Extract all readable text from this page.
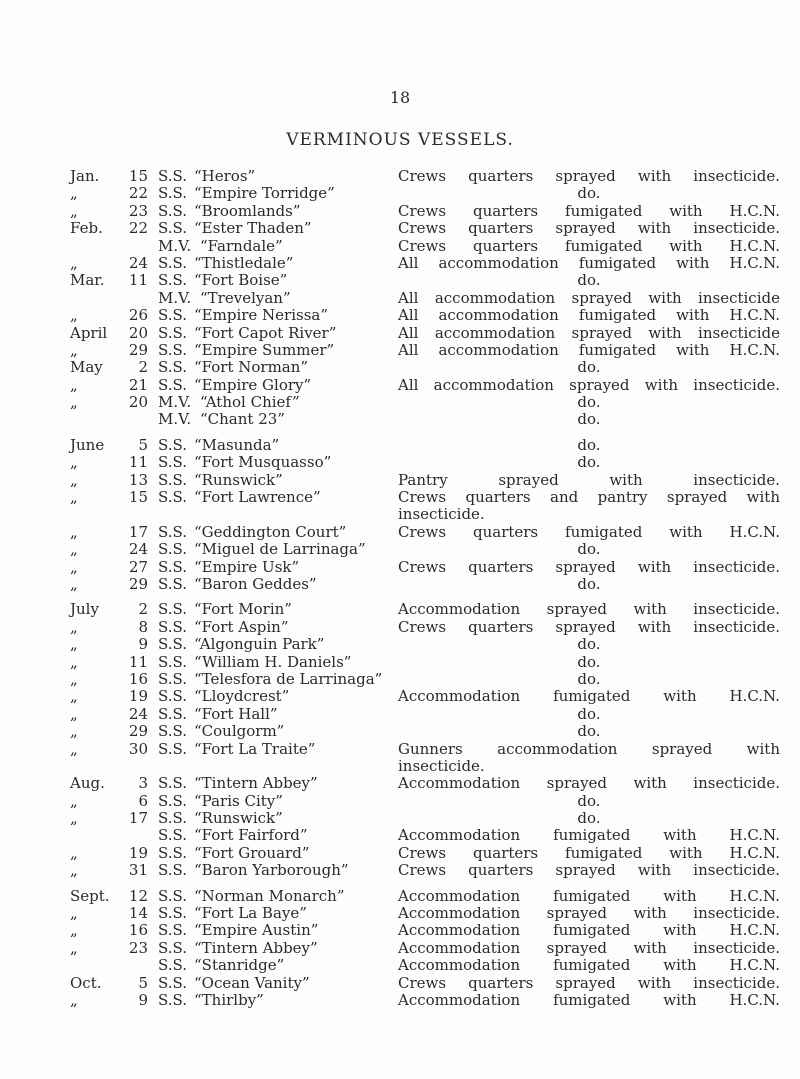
18
VERMINOUS VESSELS.
Jan.	15 S.S. “Heros”	Crews quarters sprayed with insecticide.
„	22 S.S. “Empire Torridge”	do.
„	23 S.S. “Broomlands”	Crews quarters fumigated with H.C.N.
Feb.	22 S.S. “Ester Thaden”	Crews quarters sprayed with insecticide.
M.V. “Farndale”	Crews quarters fumigated with H.C.N.
„	24 S.S. “Thistledale”	All accommodation fumigated with H.C.N.
Mar.	11 S.S. “Fort Boise”	do.
M.V. “Trevelyan”	All accommodation sprayed with insecticide
„	26 S.S. “Empire Nerissa”	All accommodation fumigated with H.C.N.
April	20 S.S. “Fort Capot River”	All accommodation sprayed with insecticide
„	29 S.S. “Empire Summer”	All accommodation fumigated with H.C.N.
May	2 S.S. “Fort Norman”	do.
„	21 S.S. “Empire Glory”	All accommodation sprayed with insecticide.
„	20 M.V. “Athol Chief”	do.
M.V. “Chant 23”	do.
June	5 S.S. “Masunda”	do.
„	11 S.S. “Fort Musquasso”	do.
„	13 S.S. “Runswick”	Pantry sprayed with insecticide.
„	15 S.S. “Fort Lawrence”	Crews quarters and pantry sprayed with
insecticide.
„	17 S.S. “Geddington Court”	Crews quarters fumigated with H.C.N.
„	24 S.S. “Miguel de Larrinaga”	do.
„	27 S.S. “Empire Usk”	Crews quarters sprayed with insecticide.
„	29 S.S. “Baron Geddes”	do.
July	2 S.S. “Fort Morin”	Accommodation sprayed with insecticide.
„	8 S.S. “Fort Aspin”	Crews quarters sprayed with insecticide.
„	9 S.S. “Algonguin Park”	do.
„	11 S.S. “William H. Daniels”	do.
„	16 S.S. “Telesfora de Larrinaga”	do.
„	19 S.S. “Lloydcrest”	Accommodation fumigated with H.C.N.
„	24 S.S. “Fort Hall”	do.
„	29 S.S. “Coulgorm”	do.
„	30 S.S. “Fort La Traite”	Gunners accommodation sprayed with
insecticide.
Aug.	3 S.S. “Tintern Abbey”	Accommodation sprayed with insecticide.
„	6 S.S. “Paris City”	do.
„	17 S.S. “Runswick”	do.
S.S. “Fort Fairford”	Accommodation fumigated with H.C.N.
„	19 S.S. “Fort Grouard”	Crews quarters fumigated with H.C.N.
„	31 S.S. “Baron Yarborough”	Crews quarters sprayed with insecticide.
Sept.	12 S.S. “Norman Monarch”	Accommodation fumigated with H.C.N.
„	14 S.S. “Fort La Baye”	Accommodation sprayed with insecticide.
„	16 S.S. “Empire Austin”	Accommodation fumigated with H.C.N.
„	23 S.S. “Tintern Abbey”	Accommodation sprayed with insecticide.
S.S. “Stanridge”	Accommodation fumigated with H.C.N.
Oct.	5 S.S. “Ocean Vanity”	Crews quarters sprayed with insecticide.
„	9 S.S. “Thirlby”	Accommodation fumigated with H.C.N.
